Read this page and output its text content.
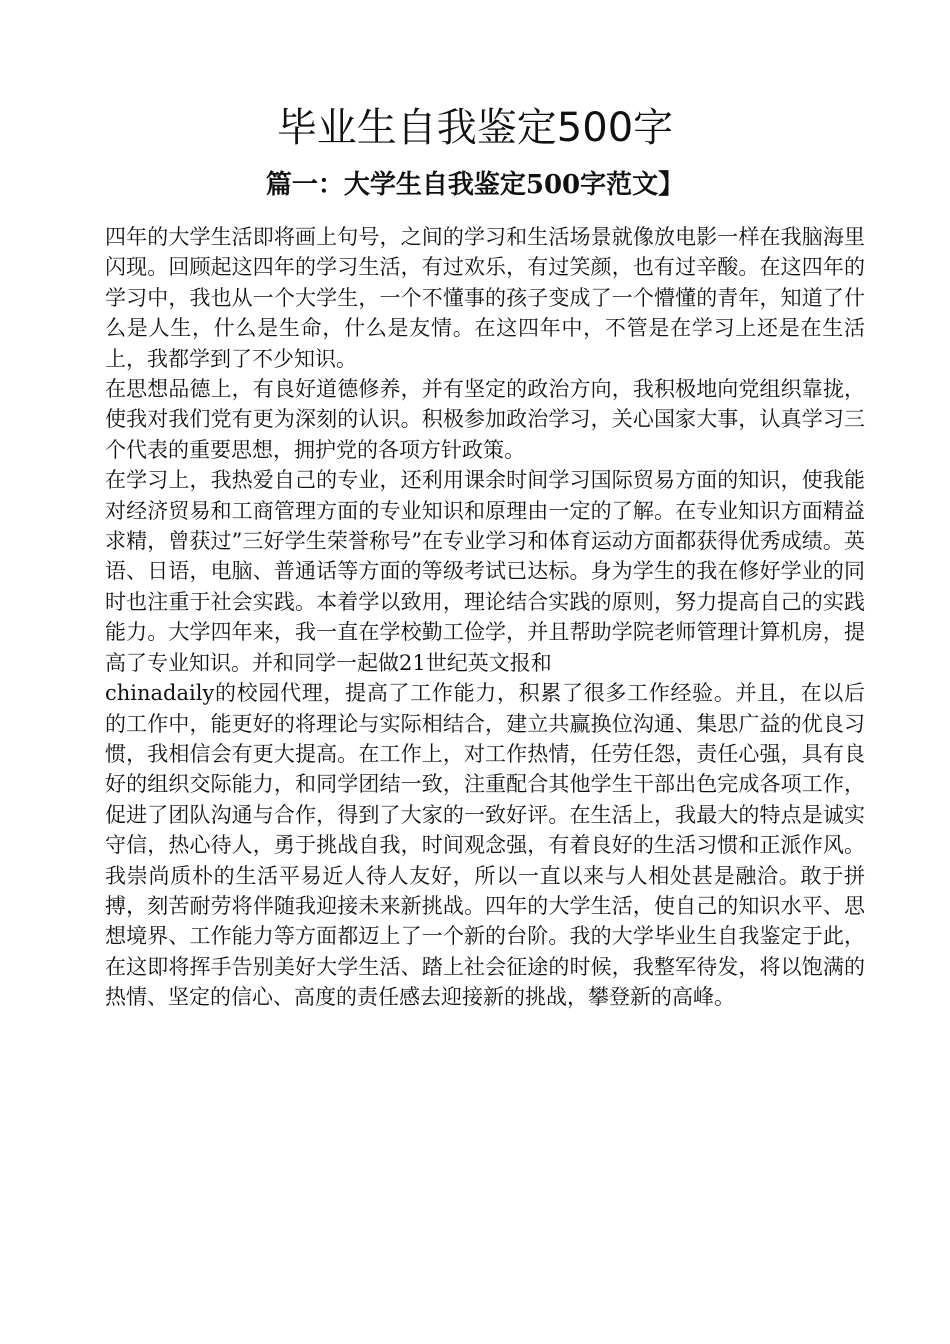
毕业生自我鉴定500字
篇一：大学生自我鉴定500字范文】

四年的大学生活即将画上句号，之间的学习和生活场景就像放电影一样在我脑海里闪现。回顾起这四年的学习生活，有过欢乐，有过笑颜，也有过辛酸。在这四年的学习中，我也从一个大学生，一个不懂事的孩子变成了一个懵懂的青年，知道了什么是人生，什么是生命，什么是友情。在这四年中，不管是在学习上还是在生活上，我都学到了不少知识。

在思想品德上，有良好道德修养，并有坚定的政治方向，我积极地向党组织靠拢，使我对我们党有更为深刻的认识。积极参加政治学习，关心国家大事，认真学习三个代表的重要思想，拥护党的各项方针政策。

在学习上，我热爱自己的专业，还利用课余时间学习国际贸易方面的知识，使我能对经济贸易和工商管理方面的专业知识和原理由一定的了解。在专业知识方面精益求精，曾获过”三好学生荣誉称号”在专业学习和体育运动方面都获得优秀成绩。英语、日语，电脑、普通话等方面的等级考试已达标。身为学生的我在修好学业的同时也注重于社会实践。本着学以致用，理论结合实践的原则，努力提高自己的实践能力。大学四年来，我一直在学校勤工俭学，并且帮助学院老师管理计算机房，提高了专业知识。并和同学一起做21世纪英文报和

chinadaily的校园代理，提高了工作能力，积累了很多工作经验。并且，在以后的工作中，能更好的将理论与实际相结合，建立共赢换位沟通、集思广益的优良习惯，我相信会有更大提高。在工作上，对工作热情，任劳任怨，责任心强，具有良好的组织交际能力，和同学团结一致，注重配合其他学生干部出色完成各项工作，促进了团队沟通与合作，得到了大家的一致好评。在生活上，我最大的特点是诚实守信，热心待人，勇于挑战自我，时间观念强，有着良好的生活习惯和正派作风。我崇尚质朴的生活平易近人待人友好，所以一直以来与人相处甚是融洽。敢于拼搏，刻苦耐劳将伴随我迎接未来新挑战。四年的大学生活，使自己的知识水平、思想境界、工作能力等方面都迈上了一个新的台阶。我的大学毕业生自我鉴定于此，在这即将挥手告别美好大学生活、踏上社会征途的时候，我整军待发，将以饱满的热情、坚定的信心、高度的责任感去迎接新的挑战，攀登新的高峰。
